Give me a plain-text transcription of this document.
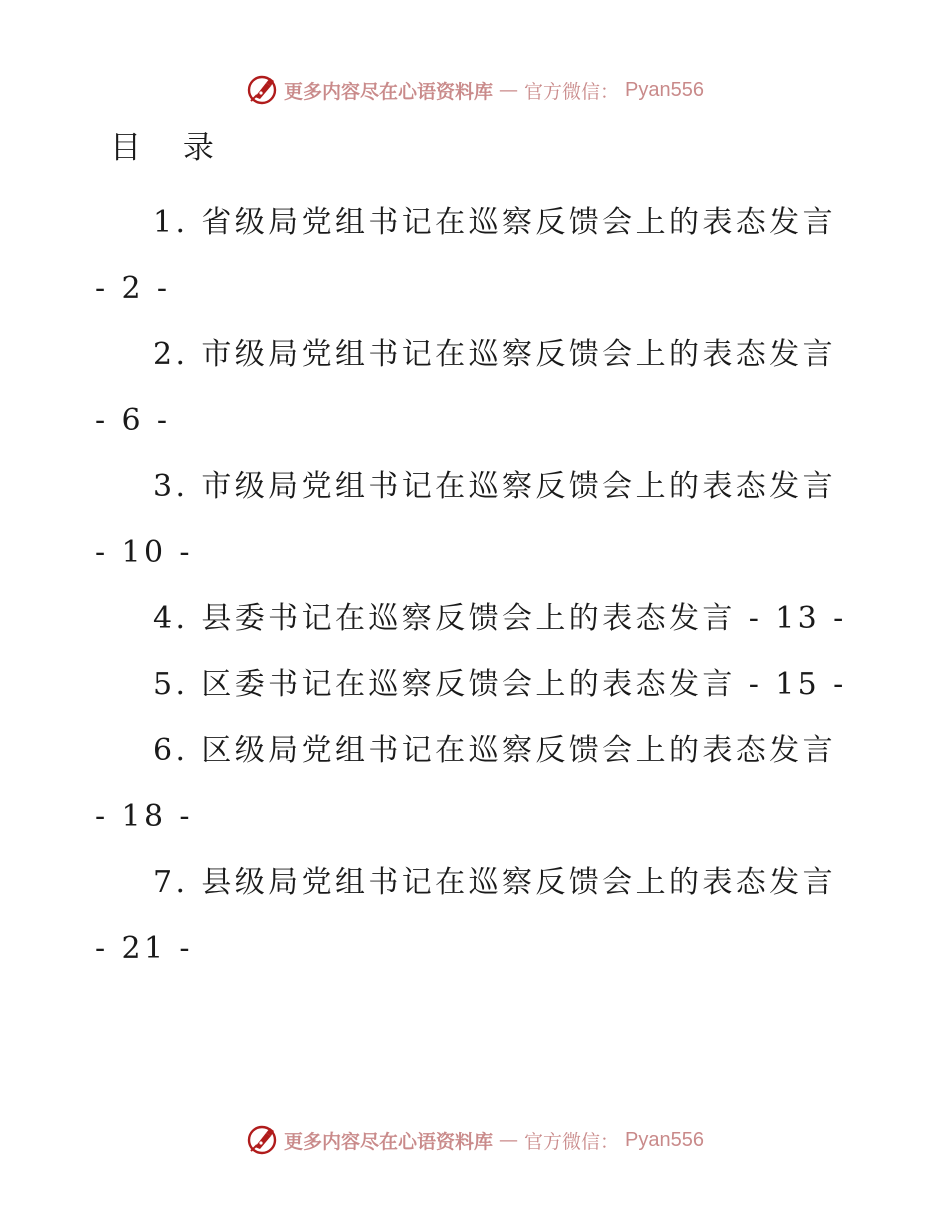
更多内容尽在心语资料库 — 官方微信： Pyan556
目 录
1. 省级局党组书记在巡察反馈会上的表态发言 - 2 -
2. 市级局党组书记在巡察反馈会上的表态发言 - 6 -
3. 市级局党组书记在巡察反馈会上的表态发言 - 10 -
4. 县委书记在巡察反馈会上的表态发言 - 13 -
5. 区委书记在巡察反馈会上的表态发言 - 15 -
6. 区级局党组书记在巡察反馈会上的表态发言 - 18 -
7. 县级局党组书记在巡察反馈会上的表态发言 - 21 -
更多内容尽在心语资料库 — 官方微信： Pyan556
